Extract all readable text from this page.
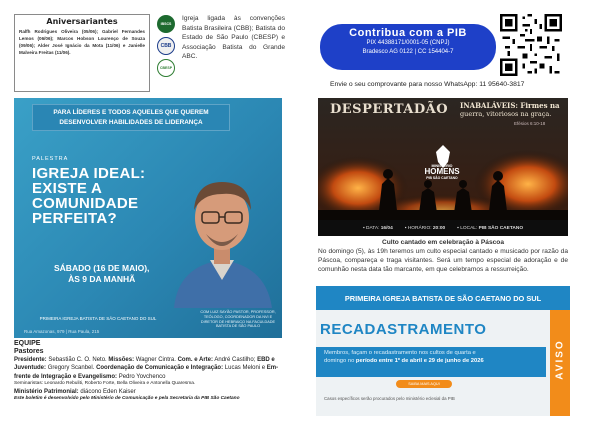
Aniversariantes

Ralfh Rodrigues Oliveira (05/06); Gabriel Fernandes Lemos (06/06); Marcos Hobson Lourenço de Souza (09/06); Alder José Ignácio da Mota (11/06) e Janielle Malveira Freitas (11/06).

IBSCS
CBB
CBESP
Igreja ligada às convenções Batista Brasileira (CBB); Batista do Estado de São Paulo (CBESP) e Associação Batista do Grande ABC.
Contribua com a PIB
PIX 44388171/0001-05 (CNPJ)
Bradesco AG 0122 | CC 154404-7
Envie o seu comprovante para nosso WhatsApp: 11 95640-3817
PARA LÍDERES E TODOS AQUELES QUE QUEREM DESENVOLVER HABILIDADES DE LIDERANÇA
PALESTRA
IGREJA IDEAL:
EXISTE A
COMUNIDADE
PERFEITA?
SÁBADO (16 DE MAIO),
ÀS 9 DA MANHÃ
PRIMEIRA IGREJA BATISTA DE SÃO CAETANO DO SUL
Rua Amazonas, 979 | Rua Paula, 215
COM LUIZ SAYÃO PASTOR, PROFESSOR, TEÓLOGO, COORDENADOR DA NVI E DIRETOR DE HEBRAICO NA FACULDADE BATISTA DE SÃO PAULO
EQUIPE
Pastores
Presidente: Sebastião C. O. Neto. Missões: Wagner Cintra. Com. e Arte: André Castilho; EBD e Juventude: Gregory Scanbel. Coordenação de Comunicação e Integração: Lucas Meloni e Em-frente de Integração e Evangelismo: Pedro Yovchenco
Seminaristas: Leonardo Rebuliti, Roberto Forte, Bella Oliveira e Antonella Quaresma.
Ministério Patrimonial: diácono Eden Kaiser
Este boletim é desenvolvido pelo Ministério de Comunicação e pela Secretaria da PIB São Caetano
DESPERTADÃO INABALÁVEIS: Firmes na
guerra, vitoriosos na graça.
Efésios 6:10-18
MINISTÉRIO
HOMENS
PIB SÃO CAETANO
▪ DATA: 16/04	▪ HORÁRIO: 20:00	▪ LOCAL: PIB SÃO CAETANO
Culto cantado em celebração à Páscoa

No domingo (5), às 19h teremos um culto especial cantado e musicado por razão da Páscoa, compareça e traga visitantes. Será um tempo especial de adoração e de comunhão nesta data tão marcante, em que celebramos a ressurreição.

PRIMEIRA IGREJA BATISTA DE SÃO CAETANO DO SUL
RECADASTRAMENTO
Membros, façam o recadastramento nos cultos de quarta e
domingo no período entre 1º de abril e 29 de junho de 2026
SAIBA MAIS AQUI
Casos específicos serão procurados pelo ministério eclesial da PIB
AVISO
